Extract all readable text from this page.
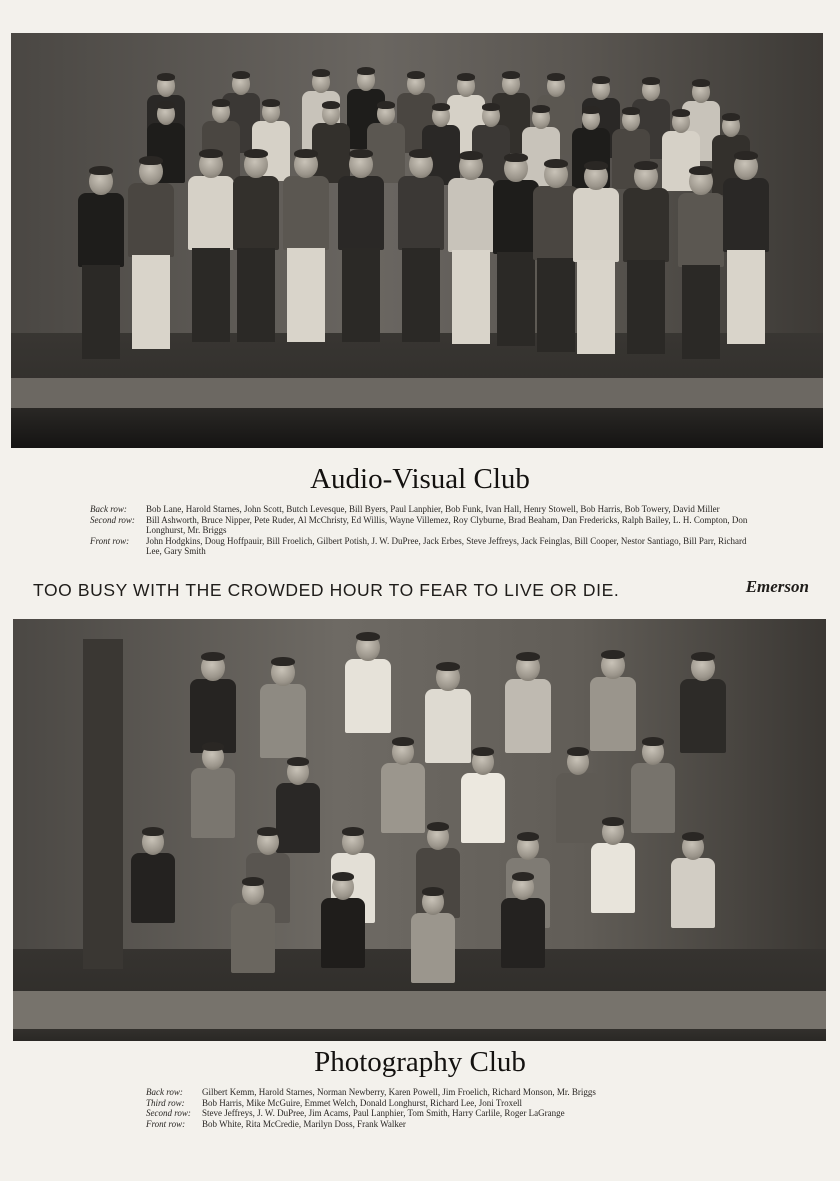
Audio-Visual Club
Back row:	Bob Lane, Harold Starnes, John Scott, Butch Levesque, Bill Byers, Paul Lanphier, Bob Funk, Ivan Hall, Henry Stowell, Bob Harris, Bob Towery, David Miller
Second row:	Bill Ashworth, Bruce Nipper, Pete Ruder, Al McChristy, Ed Willis, Wayne Villemez, Roy Clyburne, Brad Beaham, Dan Fredericks, Ralph Bailey, L. H. Compton, Don Longhurst, Mr. Briggs
Front row:	John Hodgkins, Doug Hoffpauir, Bill Froelich, Gilbert Potish, J. W. DuPree, Jack Erbes, Steve Jeffreys, Jack Feinglas, Bill Cooper, Nestor Santiago, Bill Parr, Richard Lee, Gary Smith
TOO BUSY WITH THE CROWDED HOUR TO FEAR TO LIVE OR DIE.	Emerson
Photography Club
Back row:	Gilbert Kemm, Harold Starnes, Norman Newberry, Karen Powell, Jim Froelich, Richard Monson, Mr. Briggs
Third row:	Bob Harris, Mike McGuire, Emmet Welch, Donald Longhurst, Richard Lee, Joni Troxell
Second row:	Steve Jeffreys, J. W. DuPree, Jim Acams, Paul Lanphier, Tom Smith, Harry Carlile, Roger LaGrange
Front row:	Bob White, Rita McCredie, Marilyn Doss, Frank Walker
